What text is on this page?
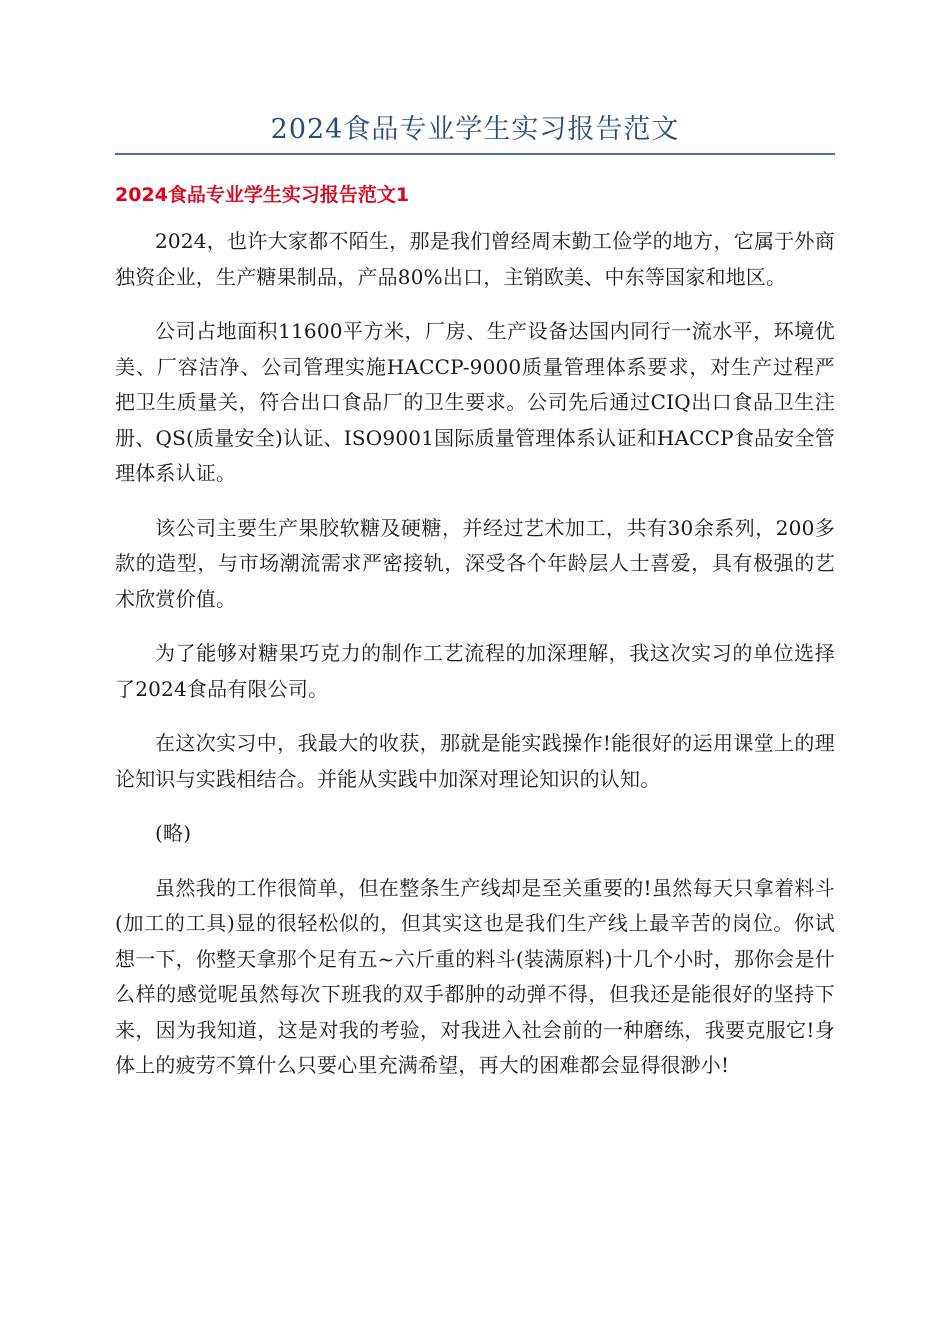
2024食品专业学生实习报告范文
2024食品专业学生实习报告范文1

2024，也许大家都不陌生，那是我们曾经周末勤工俭学的地方，它属于外商独资企业，生产糖果制品，产品80%出口，主销欧美、中东等国家和地区。

公司占地面积11600平方米，厂房、生产设备达国内同行一流水平，环境优美、厂容洁净、公司管理实施HACCP-9000质量管理体系要求，对生产过程严把卫生质量关，符合出口食品厂的卫生要求。公司先后通过CIQ出口食品卫生注册、QS(质量安全)认证、ISO9001国际质量管理体系认证和HACCP食品安全管理体系认证。

该公司主要生产果胶软糖及硬糖，并经过艺术加工，共有30余系列，200多款的造型，与市场潮流需求严密接轨，深受各个年龄层人士喜爱，具有极强的艺术欣赏价值。

为了能够对糖果巧克力的制作工艺流程的加深理解，我这次实习的单位选择了2024食品有限公司。

在这次实习中，我最大的收获，那就是能实践操作!能很好的运用课堂上的理论知识与实践相结合。并能从实践中加深对理论知识的认知。

(略)

虽然我的工作很简单，但在整条生产线却是至关重要的!虽然每天只拿着料斗(加工的工具)显的很轻松似的，但其实这也是我们生产线上最辛苦的岗位。你试想一下，你整天拿那个足有五~六斤重的料斗(装满原料)十几个小时，那你会是什么样的感觉呢虽然每次下班我的双手都肿的动弹不得，但我还是能很好的坚持下来，因为我知道，这是对我的考验，对我进入社会前的一种磨练，我要克服它!身体上的疲劳不算什么只要心里充满希望，再大的困难都会显得很渺小!
